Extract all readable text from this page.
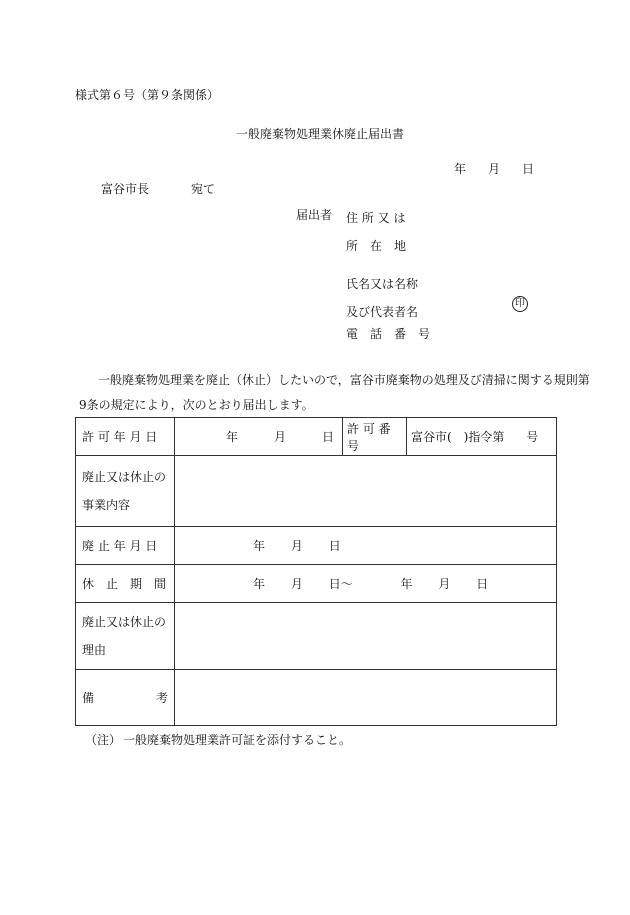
様式第６号（第９条関係）
一般廃棄物処理業休廃止届出書
年 月 日
富谷市長	宛て
届出者 住 所 又 は
所　在　地
氏名又は名称
及び代表者名
印
電　話　番　号
一般廃棄物処理業を廃止（休止）したいので，富谷市廃棄物の処理及び清掃に関する規則第
9条の規定により，次のとおり届出します。
許 可 年 月 日	年 月 日	許 可 番 号	富谷市(　)指令第 号

廃止又は休止の
事業内容			

廃 止 年 月 日	年 月 日		
休　止　期　間	年 月 日～ 年 月 日		

廃止又は休止の
理由			

備 考			

（注） 一般廃棄物処理業許可証を添付すること。
